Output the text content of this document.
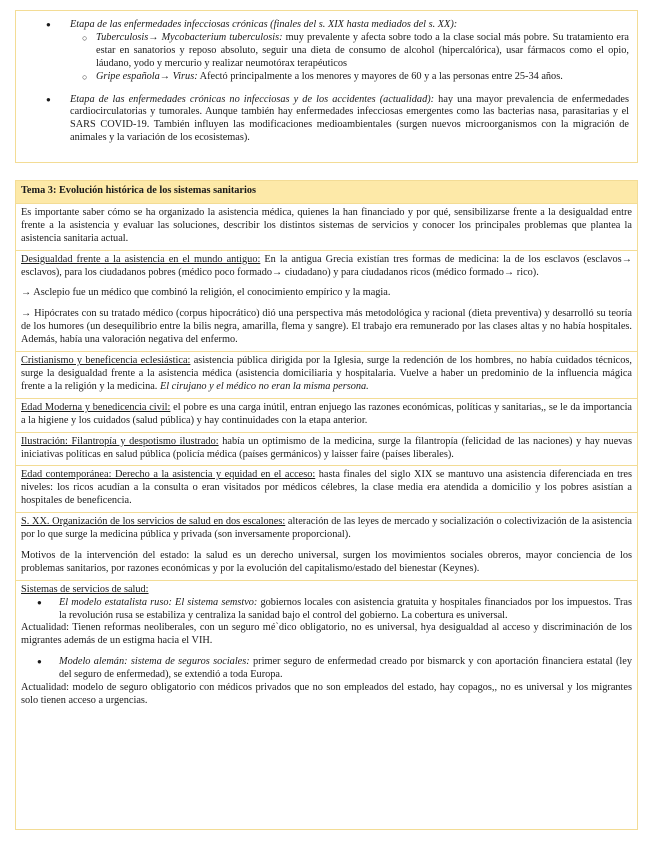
● Etapa de las enfermedades infecciosas crónicas (finales del s. XIX hasta mediados del s. XX):
○ Tuberculosis→ Mycobacterium tuberculosis: muy prevalente y afecta sobre todo a la clase social más pobre. Su tratamiento era estar en sanatorios y reposo absoluto, seguir una dieta de consumo de alcohol (hipercalórica), usar fármacos como el opio, láudano, yodo y mercurio y realizar neumotórax terapéuticos
○ Gripe española→ Virus: Afectó principalmente a los menores y mayores de 60 y a las personas entre 25-34 años.
● Etapa de las enfermedades crónicas no infecciosas y de los accidentes (actualidad): hay una mayor prevalencia de enfermedades cardiocirculatorias y tumorales. Aunque también hay enfermedades infecciosas emergentes como las bacterias nasa, parasitarias y el SARS COVID-19. También influyen las modificaciones medioambientales (surgen nuevos microorganismos con la migración de animales y la variación de los ecosistemas).
Tema 3: Evolución histórica de los sistemas sanitarios
Es importante saber cómo se ha organizado la asistencia médica, quienes la han financiado y por qué, sensibilizarse frente a la desigualdad entre frente a la asistencia y evaluar las soluciones, describir los distintos sistemas de servicios y conocer los principales problemas que plantea la asistencia sanitaria actual.
Desigualdad frente a la asistencia en el mundo antiguo: En la antigua Grecia existían tres formas de medicina: la de los esclavos (esclavos→ esclavos), para los ciudadanos pobres (médico poco formado→ ciudadano) y para ciudadanos ricos (médico formado→ rico).
→ Asclepio fue un médico que combinó la religión, el conocimiento empírico y la magia.
→ Hipócrates con su tratado médico (corpus hipocrático) dió una perspectiva más metodológica y racional (dieta preventiva) y desarrolló su teoría de los humores (un desequilibrio entre la bilis negra, amarilla, flema y sangre). El trabajo era remunerado por las clases altas y no había hospitales. Además, había una valoración negativa del enfermo.
Cristianismo y beneficencia eclesiástica: asistencia pública dirigida por la Iglesia, surge la redención de los hombres, no había cuidados técnicos, surge la desigualdad frente a la asistencia médica (asistencia domiciliaria y hospitalaria. Vuelve a haber un predominio de la influencia mágica frente a la religión y la medicina. El cirujano y el médico no eran la misma persona.
Edad Moderna y benedicencia civil: el pobre es una carga inútil, entran enjuego las razones económicas, políticas y sanitarias,, se le da importancia a la higiene y los cuidados (salud pública) y hay continuidades con la etapa anterior.
Ilustración: Filantropía y despotismo ilustrado: había un optimismo de la medicina, surge la filantropía (felicidad de las naciones) y hay nuevas iniciativas políticas en salud pública (policía médica (países germánicos) y laisser faire (países liberales).
Edad contemporánea: Derecho a la asistencia y equidad en el acceso: hasta finales del siglo XIX se mantuvo una asistencia diferenciada en tres niveles: los ricos acudían a la consulta o eran visitados por médicos célebres, la clase media era atendida a domicilio y los pobres asistían a hospitales de beneficencia.
S. XX. Organización de los servicios de salud en dos escalones: alteración de las leyes de mercado y socialización o colectivización de la asistencia por lo que surge la medicina pública y privada (son inversamente proporcional).
Motivos de la intervención del estado: la salud es un derecho universal, surgen los movimientos sociales obreros, mayor conciencia de los problemas sanitarios, por razones económicas y por la evolución del capitalismo/estado del bienestar (Keynes).
Sistemas de servicios de salud:
● El modelo estatalista ruso: El sistema semstvo: gobiernos locales con asistencia gratuita y hospitales financiados por los impuestos. Tras la revolución rusa se estabiliza y centraliza la sanidad bajo el control del gobierno. La cobertura es universal.
Actualidad: Tienen reformas neoliberales, con un seguro mé`dico obligatorio, no es universal, hya desigualdad al acceso y discriminación de los migrantes además de un estigma hacia el VIH.
● Modelo alemán: sistema de seguros sociales: primer seguro de enfermedad creado por bismarck y con aportación financiera estatal (ley del seguro de enfermedad), se extendió a toda Europa.
Actualidad: modelo de seguro obligatorio con médicos privados que no son empleados del estado, hay copagos,, no es universal y los migrantes solo tienen acceso a urgencias.
